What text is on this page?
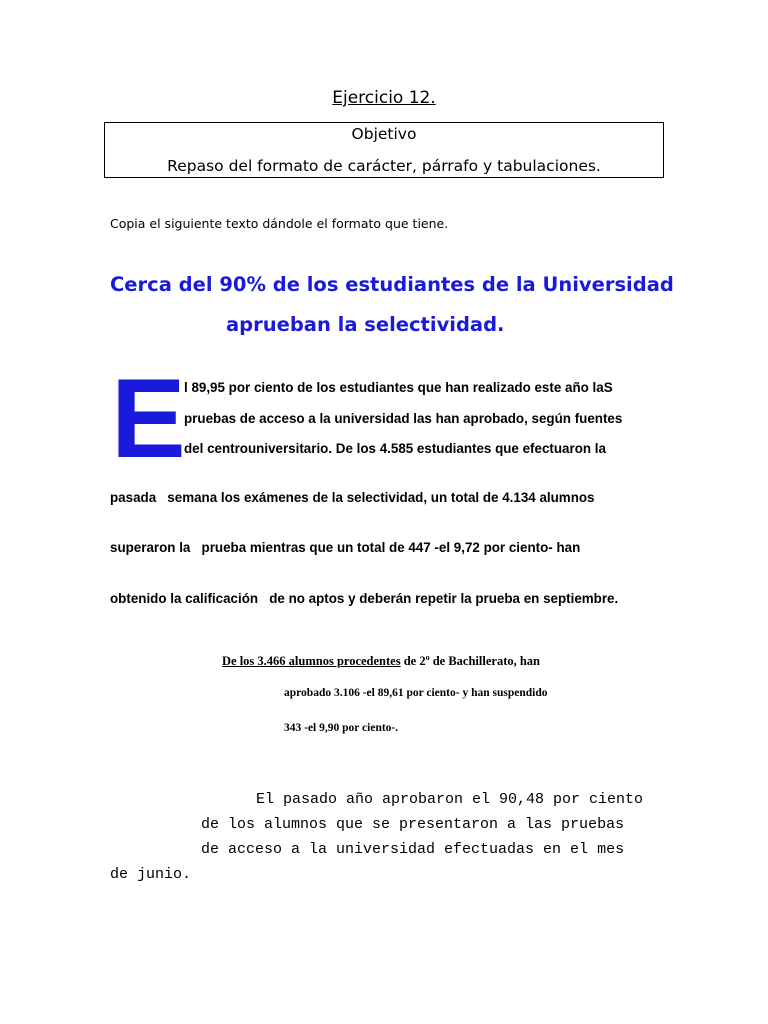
Ejercicio 12.
Objetivo
Repaso del formato de carácter, párrafo y tabulaciones.
Copia el siguiente texto dándole el formato que tiene.
Cerca del 90% de los estudiantes de la Universidad
aprueban la selectividad.
E
l 89,95 por ciento de los estudiantes que han realizado este año laS
pruebas de acceso a la universidad las han aprobado, según fuentes
del centrouniversitario. De los 4.585 estudiantes que efectuaron la
pasada   semana los exámenes de la selectividad, un total de 4.134 alumnos
superaron la   prueba mientras que un total de 447 -el 9,72 por ciento- han
obtenido la calificación   de no aptos y deberán repetir la prueba en septiembre.
De los 3.466 alumnos procedentes de 2$^o$ de Bachillerato, han
aprobado 3.106 -el 89,61 por ciento- y han suspendido
343 -el 9,90 por ciento-.
El pasado año aprobaron el 90,48 por ciento
de los alumnos que se presentaron a las pruebas
de acceso a la universidad efectuadas en el mes
de junio.
